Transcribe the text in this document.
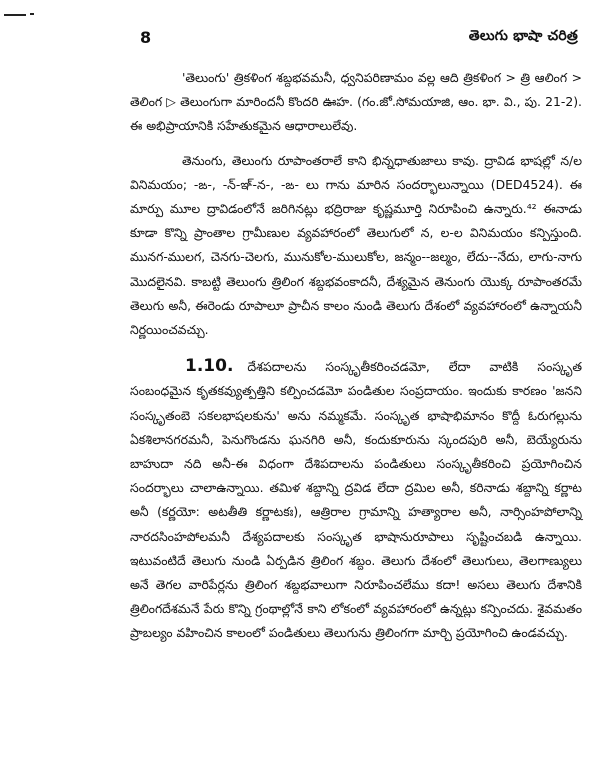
8	తెలుగు భాషా చరిత్ర

'తెలుంగు' త్రికళింగ శబ్దభవమనీ, ధ్వనిపరిణామం వల్ల ఆది త్రికళింగ > త్రి ఆలింగ > తెలింగ ▷ తెలుంగుగా మారిందనీ కొందరి ఊహ. (గం.జో.సోమయాజి, ఆం. భా. వి., పు. 21-2). ఈ అభిప్రాయానికి సహేతుకమైన ఆధారాలులేవు.

తెనుంగు, తెలుంగు రూపాంతరాలే కాని భిన్నధాతుజాలు కావు. ద్రావిడ భాషల్లో న/ల వినిమయం; -ఙ-, -న్-ఞ్-న-, -ఙ- లు గాను మారిన సందర్భాలున్నాయి (DED4524). ఈ మార్పు మూల ద్రావిడంలోనే జరిగినట్లు భద్రిరాజు కృష్ణమూర్తి నిరూపించి ఉన్నారు.⁴² ఈనాడు కూడా కొన్ని ప్రాంతాల గ్రామీణుల వ్యవహారంలో తెలుగులో న, ల-ల వినిమయం కన్పిస్తుంది. మునగ-ములగ, చెనగు-చెలగు, మునుకోల-ములుకోల, జన్మం--జల్మం, లేదు--నేదు, లాగు-నాగు మొదలైనవి. కాబట్టి తెలుంగు త్రిలింగ శబ్దభవంకాదనీ, దేశ్యమైన తెనుంగు యొక్క రూపాంతరమే తెలుగు అనీ, ఈరెండు రూపాలూ ప్రాచీన కాలం నుండి తెలుగు దేశంలో వ్యవహారంలో ఉన్నాయనీ నిర్ణయించవచ్చు.

1.10. దేశపదాలను సంస్కృతీకరించడమో, లేదా వాటికి సంస్కృత సంబంధమైన కృతకవ్యుత్పత్తిని కల్పించడమో పండితుల సంప్రదాయం. ఇందుకు కారణం 'జనని సంస్కృతంబె సకలభాషలకును' అను నమ్మకమే. సంస్కృత భాషాభిమానం కొద్దీ ఓరుగల్లును ఏకశిలానగరమనీ, పెనుగొండను ఘనగిరి అనీ, కందుకూరును స్కందపురి అనీ, బెయ్యేరును బాహుదా నది అనీ-ఈ విధంగా దేశిపదాలను పండితులు సంస్కృతీకరించి ప్రయోగించిన సందర్భాలు చాలాఉన్నాయి. తమిళ శబ్దాన్ని ద్రవిడ లేదా ద్రమిల అనీ, కరినాడు శబ్దాన్ని కర్ణాట అనీ (కర్ణయో: అటతీతి కర్ణాటకః), ఆత్రిరాల గ్రామాన్ని హత్యారాల అనీ, నార్సింహపోలాన్ని నారదసింహపోలమనీ దేశ్యపదాలకు సంస్కృత భాషానురూపాలు సృష్టించబడి ఉన్నాయి. ఇటువంటిదే తెలుగు నుండి ఏర్పడిన త్రిలింగ శబ్దం. తెలుగు దేశంలో తెలుగులు, తెలగాణ్యులు అనే తెగల వారిపేర్లను త్రిలింగ శబ్దభవాలుగా నిరూపించలేము కదా! అసలు తెలుగు దేశానికి త్రిలింగదేశమనే పేరు కొన్ని గ్రంథాల్లోనే కాని లోకంలో వ్యవహారంలో ఉన్నట్లు కన్పించదు. శైవమతం ప్రాబల్యం వహించిన కాలంలో పండితులు తెలుగును త్రిలింగగా మార్చి ప్రయోగించి ఉండవచ్చు.
